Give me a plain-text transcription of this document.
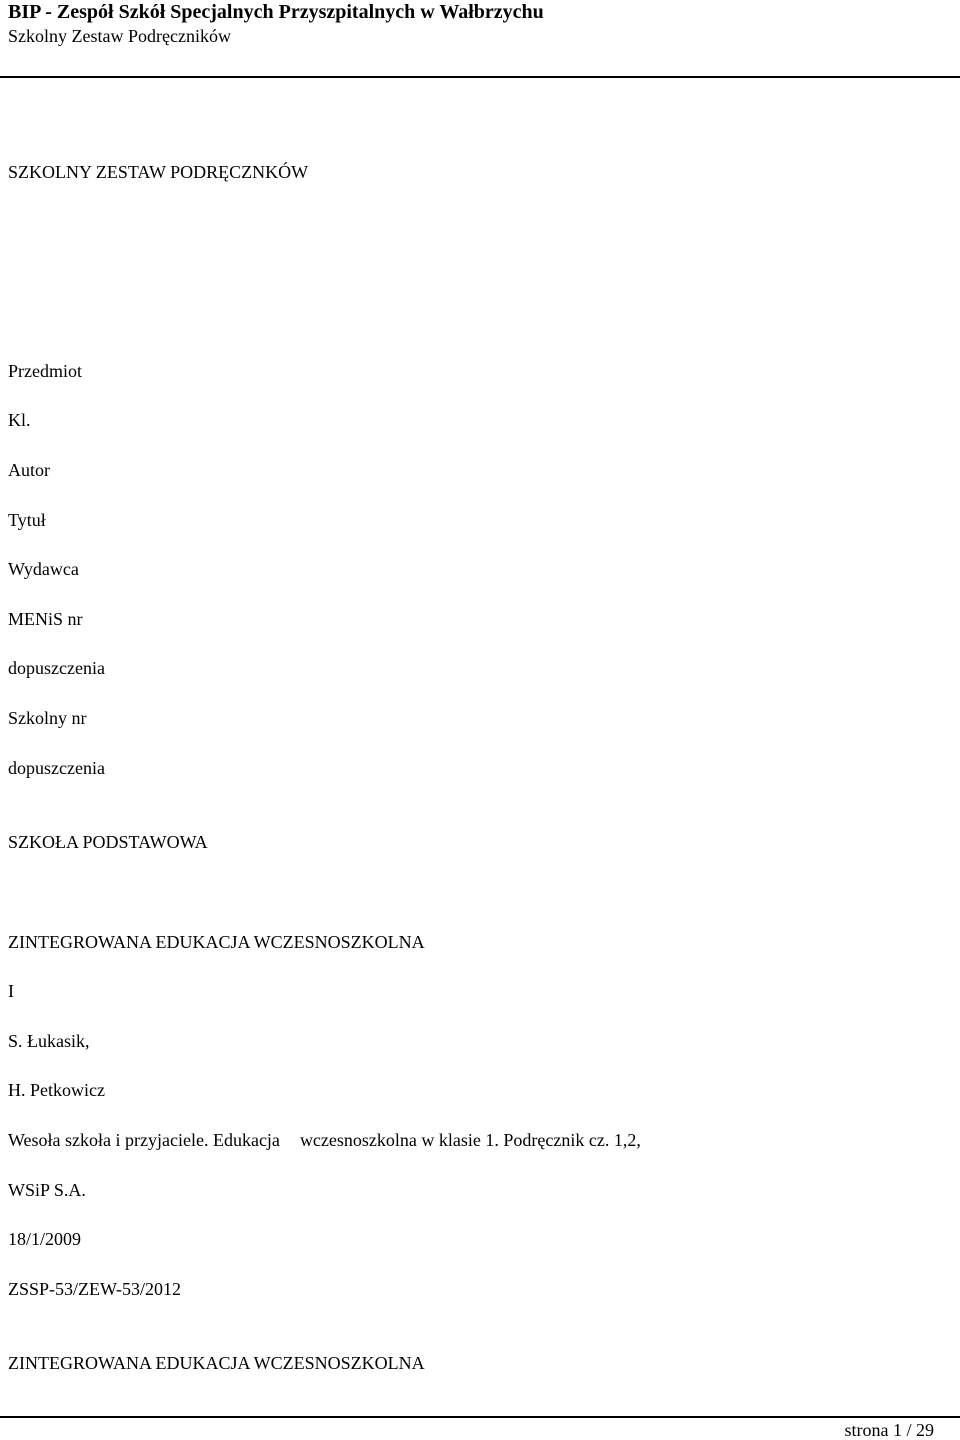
BIP - Zespół Szkół Specjalnych Przyszpitalnych w Wałbrzychu
Szkolny Zestaw Podręczników
SZKOLNY ZESTAW PODRĘCZNKÓW
Przedmiot
Kl.
Autor
Tytuł
Wydawca
MENiS nr
dopuszczenia
Szkolny nr
dopuszczenia
SZKOŁA PODSTAWOWA
ZINTEGROWANA EDUKACJA WCZESNOSZKOLNA
I
S. Łukasik,
H. Petkowicz
Wesoła szkoła i przyjaciele. Edukacja wczesnoszkolna w klasie 1. Podręcznik cz. 1,2,
WSiP S.A.
18/1/2009
ZSSP-53/ZEW-53/2012
ZINTEGROWANA EDUKACJA WCZESNOSZKOLNA
strona 1 / 29
